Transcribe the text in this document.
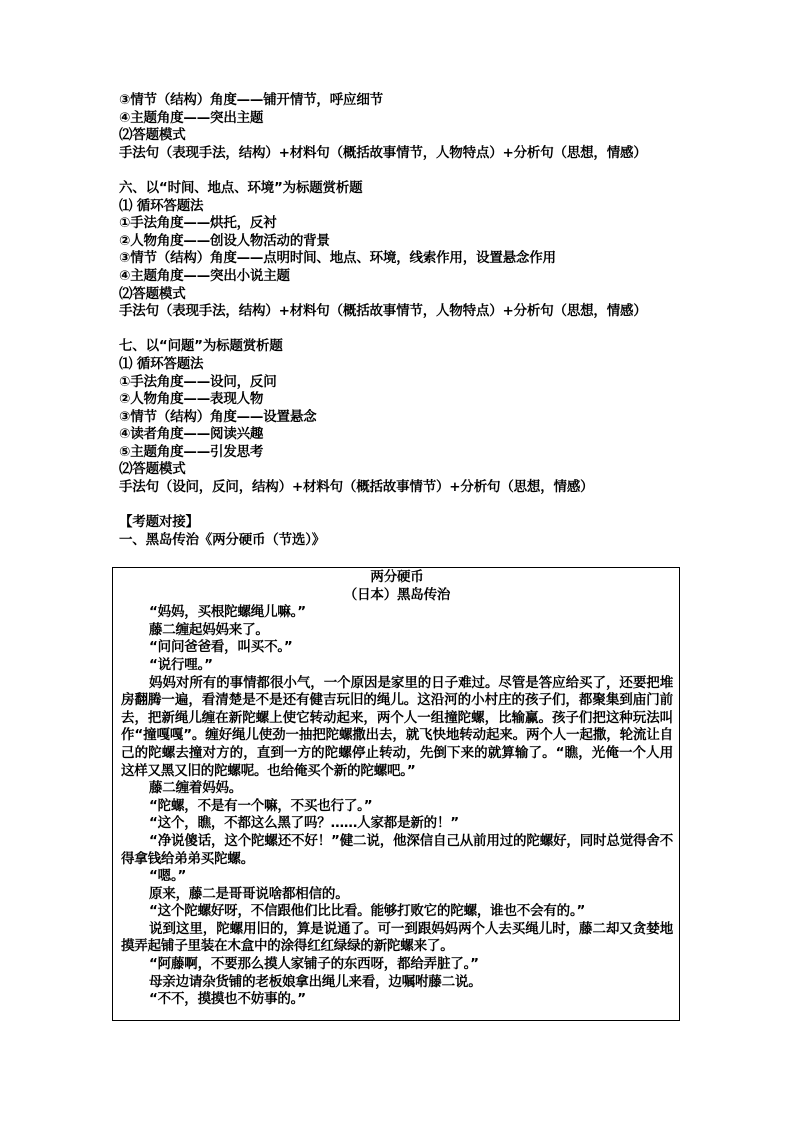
③情节（结构）角度——铺开情节，呼应细节
④主题角度——突出主题
⑵答题模式
手法句（表现手法，结构）+材料句（概括故事情节，人物特点）+分析句（思想，情感）
六、以“时间、地点、环境”为标题赏析题
⑴ 循环答题法
①手法角度——烘托，反衬
②人物角度——创设人物活动的背景
③情节（结构）角度——点明时间、地点、环境，线索作用，设置悬念作用
④主题角度——突出小说主题
⑵答题模式
手法句（表现手法，结构）+材料句（概括故事情节，人物特点）+分析句（思想，情感）
七、以“问题”为标题赏析题
⑴ 循环答题法
①手法角度——设问，反问
②人物角度——表现人物
③情节（结构）角度——设置悬念
④读者角度——阅读兴趣
⑤主题角度——引发思考
⑵答题模式
手法句（设问，反问，结构）+材料句（概括故事情节）+分析句（思想，情感）
【考题对接】
一、黑岛传治《两分硬币（节选）》
两分硬币
（日本）黑岛传治
“妈妈，买根陀螺绳儿嘛。”
藤二缠起妈妈来了。
“问问爸爸看，叫买不。”
“说行哩。”
妈妈对所有的事情都很小气，一个原因是家里的日子难过。尽管是答应给买了，还要把堆房翻腾一遍，看清楚是不是还有健吉玩旧的绳儿。这沿河的小村庄的孩子们，都聚集到庙门前去，把新绳儿缠在新陀螺上使它转动起来，两个人一组撞陀螺，比输赢。孩子们把这种玩法叫作“撞嘎嘎”。缠好绳儿使劲一抽把陀螺撒出去，就飞快地转动起来。两个人一起撒，轮流让自己的陀螺去撞对方的，直到一方的陀螺停止转动，先倒下来的就算输了。“瞧，光俺一个人用这样又黑又旧的陀螺呢。也给俺买个新的陀螺吧。”
藤二缠着妈妈。
“陀螺，不是有一个嘛，不买也行了。”
“这个，瞧，不都这么黑了吗？……人家都是新的！”
“净说傻话，这个陀螺还不好！”健二说，他深信自己从前用过的陀螺好，同时总觉得舍不得拿钱给弟弟买陀螺。
“嗯。”
原来，藤二是哥哥说啥都相信的。
“这个陀螺好呀，不信跟他们比比看。能够打败它的陀螺，谁也不会有的。”
说到这里，陀螺用旧的，算是说通了。可一到跟妈妈两个人去买绳儿时，藤二却又贪婪地摸弄起铺子里装在木盒中的涂得红红绿绿的新陀螺来了。
“阿藤啊，不要那么摸人家铺子的东西呀，都给弄脏了。”
母亲边请杂货铺的老板娘拿出绳儿来看，边嘱咐藤二说。
“不不，摸摸也不妨事的。”
